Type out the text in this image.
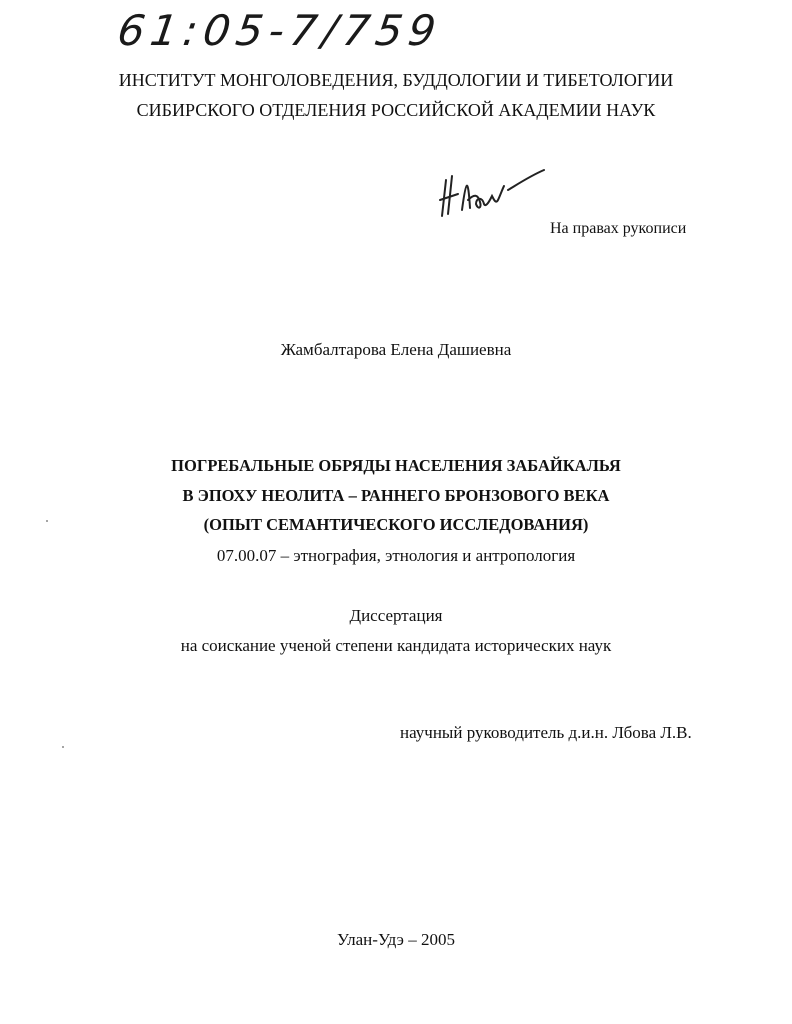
61:05-7/759
ИНСТИТУТ МОНГОЛОВЕДЕНИЯ, БУДДОЛОГИИ И ТИБЕТОЛОГИИ
СИБИРСКОГО ОТДЕЛЕНИЯ РОССИЙСКОЙ АКАДЕМИИ НАУК
На правах рукописи
Жамбалтарова Елена Дашиевна
ПОГРЕБАЛЬНЫЕ ОБРЯДЫ НАСЕЛЕНИЯ ЗАБАЙКАЛЬЯ
В ЭПОХУ НЕОЛИТА – РАННЕГО БРОНЗОВОГО ВЕКА
(ОПЫТ СЕМАНТИЧЕСКОГО ИССЛЕДОВАНИЯ)
07.00.07 – этнография, этнология и антропология
Диссертация
на соискание ученой степени кандидата исторических наук
научный руководитель д.и.н. Лбова Л.В.
Улан-Удэ – 2005
